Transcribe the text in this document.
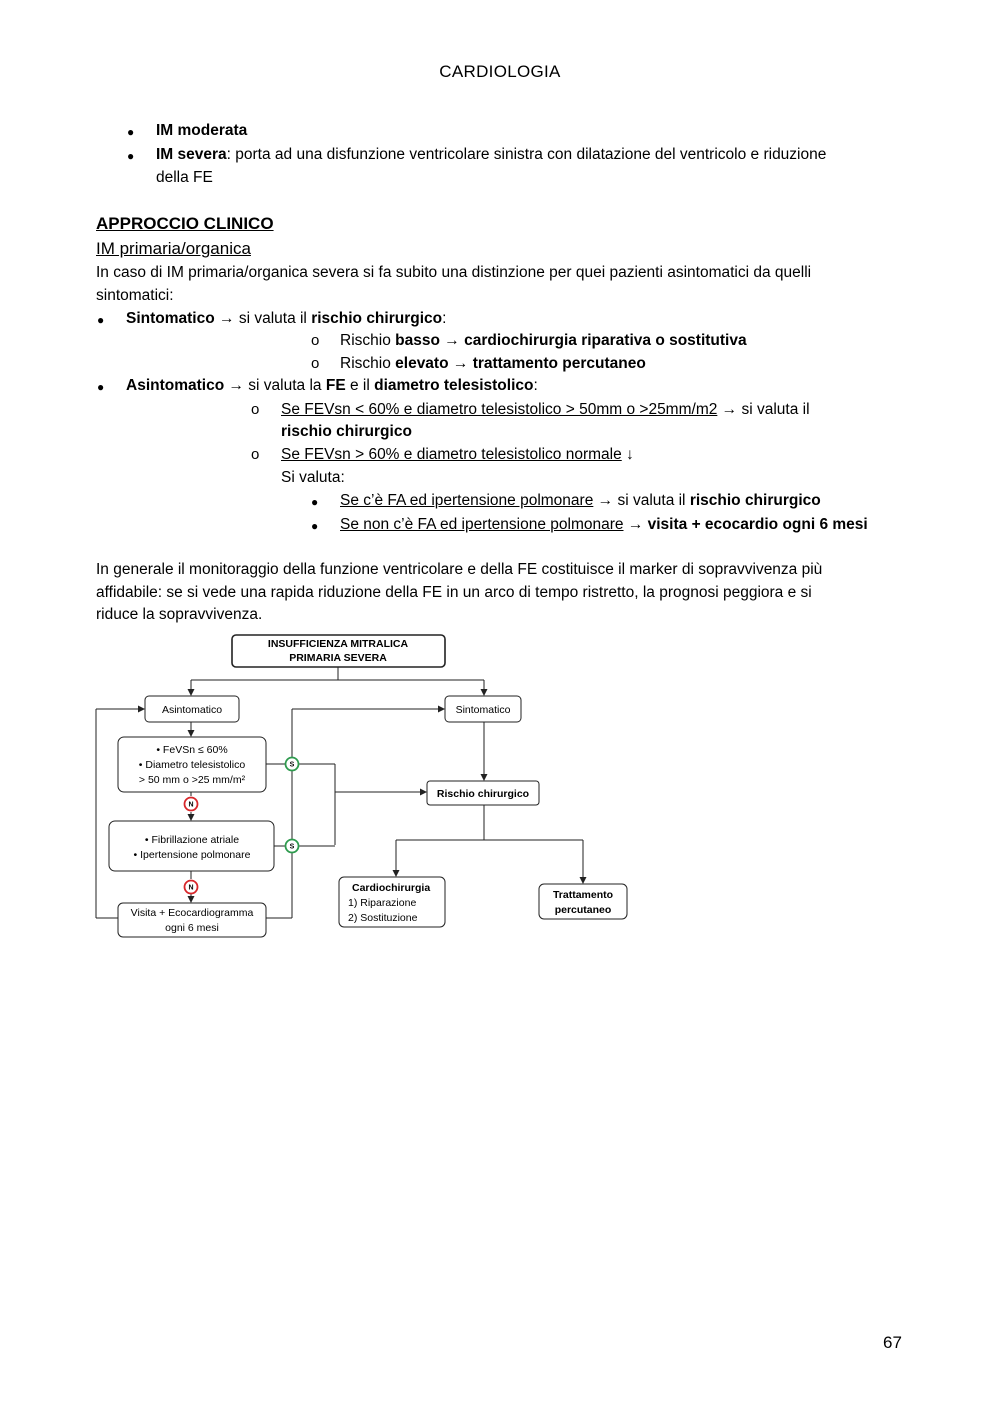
CARDIOLOGIA
● IM moderata
● IM severa: porta ad una disfunzione ventricolare sinistra con dilatazione del ventricolo e riduzione
della FE
APPROCCIO CLINICO
IM primaria/organica
In caso di IM primaria/organica severa si fa subito una distinzione per quei pazienti asintomatici da quelli
sintomatici:
● Sintomatico → si valuta il rischio chirurgico:
o Rischio basso → cardiochirurgia riparativa o sostitutiva
o Rischio elevato → trattamento percutaneo
● Asintomatico → si valuta la FE e il diametro telesistolico:
o Se FEVsn < 60% e diametro telesistolico > 50mm o >25mm/m2 → si valuta il
rischio chirurgico
o Se FEVsn > 60% e diametro telesistolico normale ↓
Si valuta:
● Se c’è FA ed ipertensione polmonare → si valuta il rischio chirurgico
● Se non c’è FA ed ipertensione polmonare → visita + ecocardio ogni 6 mesi
In generale il monitoraggio della funzione ventricolare e della FE costituisce il marker di sopravvivenza più
affidabile: se si vede una rapida riduzione della FE in un arco di tempo ristretto, la prognosi peggiora e si
riduce la sopravvivenza.
N
N
S
S
INSUFFICIENZA MITRALICA
PRIMARIA SEVERA
Asintomatico	Sintomatico
• FeVSn ≤ 60%
• Diametro telesistolico
> 50 mm o >25 mm/m²
• Fibrillazione atriale
• Ipertensione polmonare
Visita + Ecocardiogramma
ogni 6 mesi
Rischio chirurgico
Trattamento
percutaneo
Cardiochirurgia
1) Riparazione
2) Sostituzione
67
